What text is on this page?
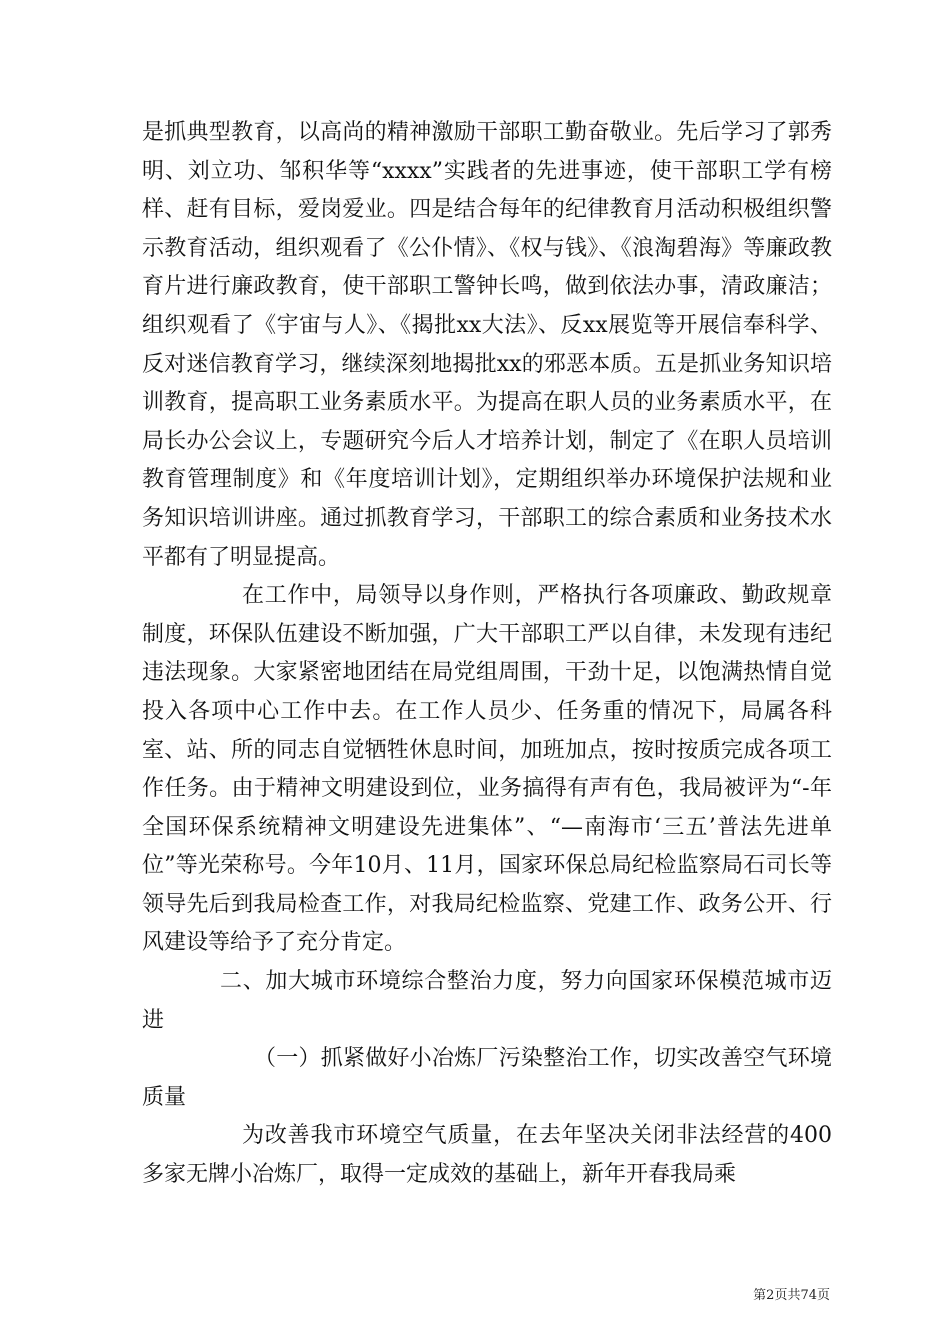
是抓典型教育，以高尚的精神激励干部职工勤奋敬业。先后学习了郭秀明、刘立功、邹积华等“xxxx”实践者的先进事迹，使干部职工学有榜样、赶有目标，爱岗爱业。四是结合每年的纪律教育月活动积极组织警示教育活动，组织观看了《公仆情》、《权与钱》、《浪淘碧海》等廉政教育片进行廉政教育，使干部职工警钟长鸣，做到依法办事，清政廉洁；组织观看了《宇宙与人》、《揭批xx大法》、反xx展览等开展信奉科学、反对迷信教育学习，继续深刻地揭批xx的邪恶本质。五是抓业务知识培训教育，提高职工业务素质水平。为提高在职人员的业务素质水平，在局长办公会议上，专题研究今后人才培养计划，制定了《在职人员培训教育管理制度》和《年度培训计划》，定期组织举办环境保护法规和业务知识培训讲座。通过抓教育学习，干部职工的综合素质和业务技术水平都有了明显提高。

在工作中，局领导以身作则，严格执行各项廉政、勤政规章制度，环保队伍建设不断加强，广大干部职工严以自律，未发现有违纪违法现象。大家紧密地团结在局党组周围，干劲十足，以饱满热情自觉投入各项中心工作中去。在工作人员少、任务重的情况下，局属各科室、站、所的同志自觉牺牲休息时间，加班加点，按时按质完成各项工作任务。由于精神文明建设到位，业务搞得有声有色，我局被评为“-年全国环保系统精神文明建设先进集体”、“—南海市‘三五’普法先进单位”等光荣称号。今年10月、11月，国家环保总局纪检监察局石司长等领导先后到我局检查工作，对我局纪检监察、党建工作、政务公开、行风建设等给予了充分肯定。

二、加大城市环境综合整治力度，努力向国家环保模范城市迈进

（一）抓紧做好小冶炼厂污染整治工作，切实改善空气环境质量

为改善我市环境空气质量，在去年坚决关闭非法经营的400多家无牌小冶炼厂，取得一定成效的基础上，新年开春我局乘

第2页共74页
